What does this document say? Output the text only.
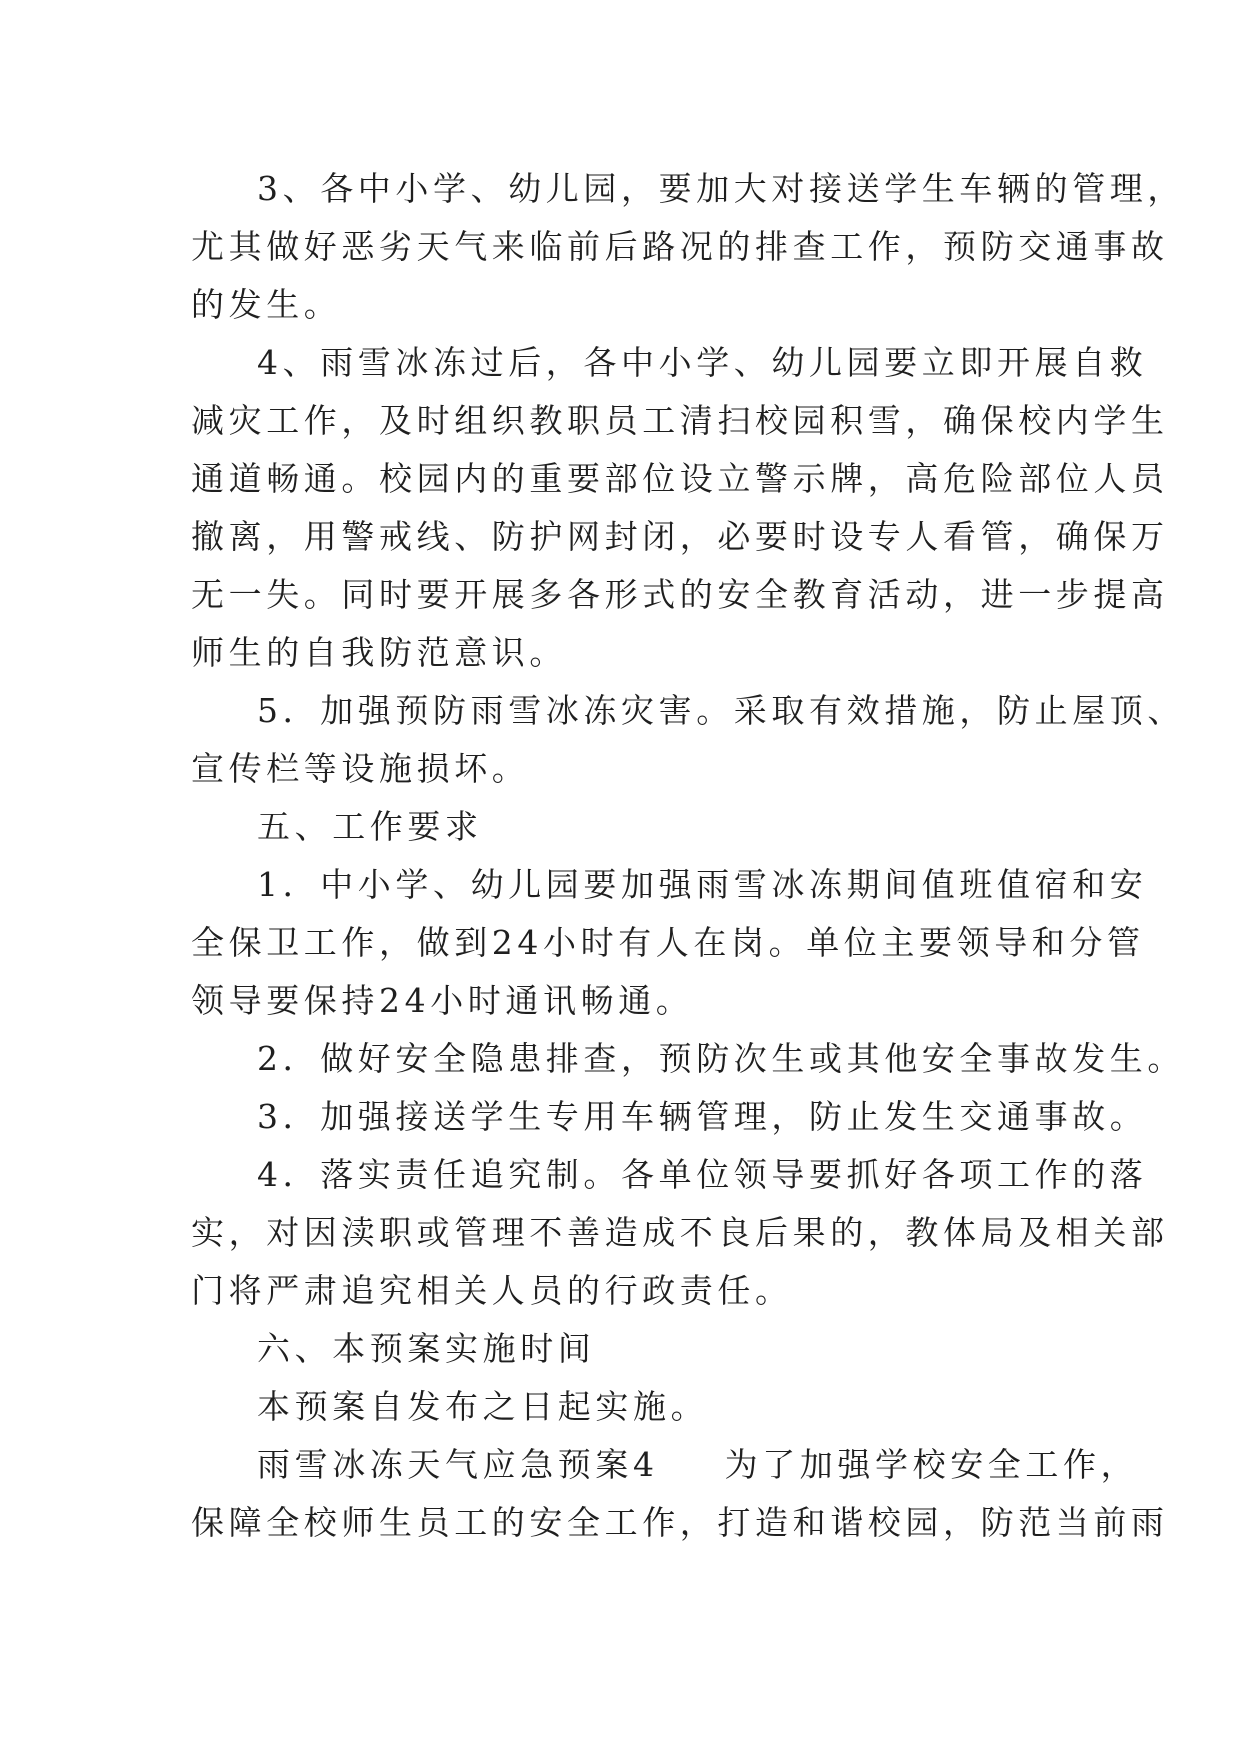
3、各中小学、幼儿园，要加大对接送学生车辆的管理，
尤其做好恶劣天气来临前后路况的排查工作，预防交通事故
的发生。
4、雨雪冰冻过后，各中小学、幼儿园要立即开展自救
减灾工作，及时组织教职员工清扫校园积雪，确保校内学生
通道畅通。校园内的重要部位设立警示牌，高危险部位人员
撤离，用警戒线、防护网封闭，必要时设专人看管，确保万
无一失。同时要开展多各形式的安全教育活动，进一步提高
师生的自我防范意识。
5．加强预防雨雪冰冻灾害。采取有效措施，防止屋顶、
宣传栏等设施损坏。
五、工作要求
1．中小学、幼儿园要加强雨雪冰冻期间值班值宿和安
全保卫工作，做到24小时有人在岗。单位主要领导和分管
领导要保持24小时通讯畅通。
2．做好安全隐患排查，预防次生或其他安全事故发生。
3．加强接送学生专用车辆管理，防止发生交通事故。
4．落实责任追究制。各单位领导要抓好各项工作的落
实，对因渎职或管理不善造成不良后果的，教体局及相关部
门将严肃追究相关人员的行政责任。
六、本预案实施时间
本预案自发布之日起实施。
雨雪冰冻天气应急预案4 为了加强学校安全工作，
保障全校师生员工的安全工作，打造和谐校园，防范当前雨
